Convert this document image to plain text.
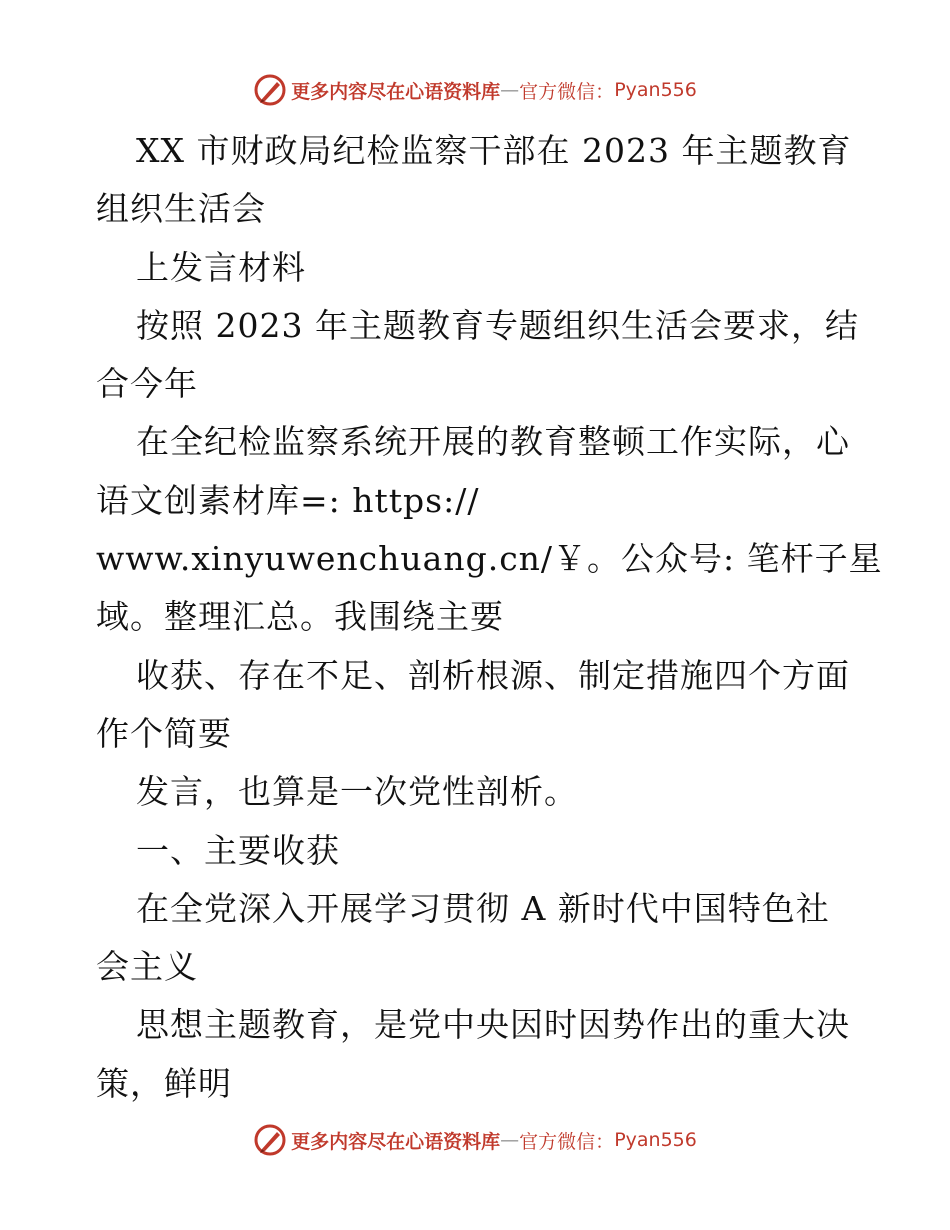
更多内容尽在心语资料库 — 官方微信： Pyan556
XX 市财政局纪检监察干部在 2023 年主题教育
组织生活会
上发言材料
按照 2023 年主题教育专题组织生活会要求，结
合今年
在全纪检监察系统开展的教育整顿工作实际，心
语文创素材库=: https://
www.xinyuwenchuang.cn/￥。公众号: 笔杆子星
域。整理汇总。我围绕主要
收获、存在不足、剖析根源、制定措施四个方面
作个简要
发言，也算是一次党性剖析。
一、主要收获
在全党深入开展学习贯彻 A 新时代中国特色社
会主义
思想主题教育，是党中央因时因势作出的重大决
策，鲜明
更多内容尽在心语资料库 — 官方微信： Pyan556
